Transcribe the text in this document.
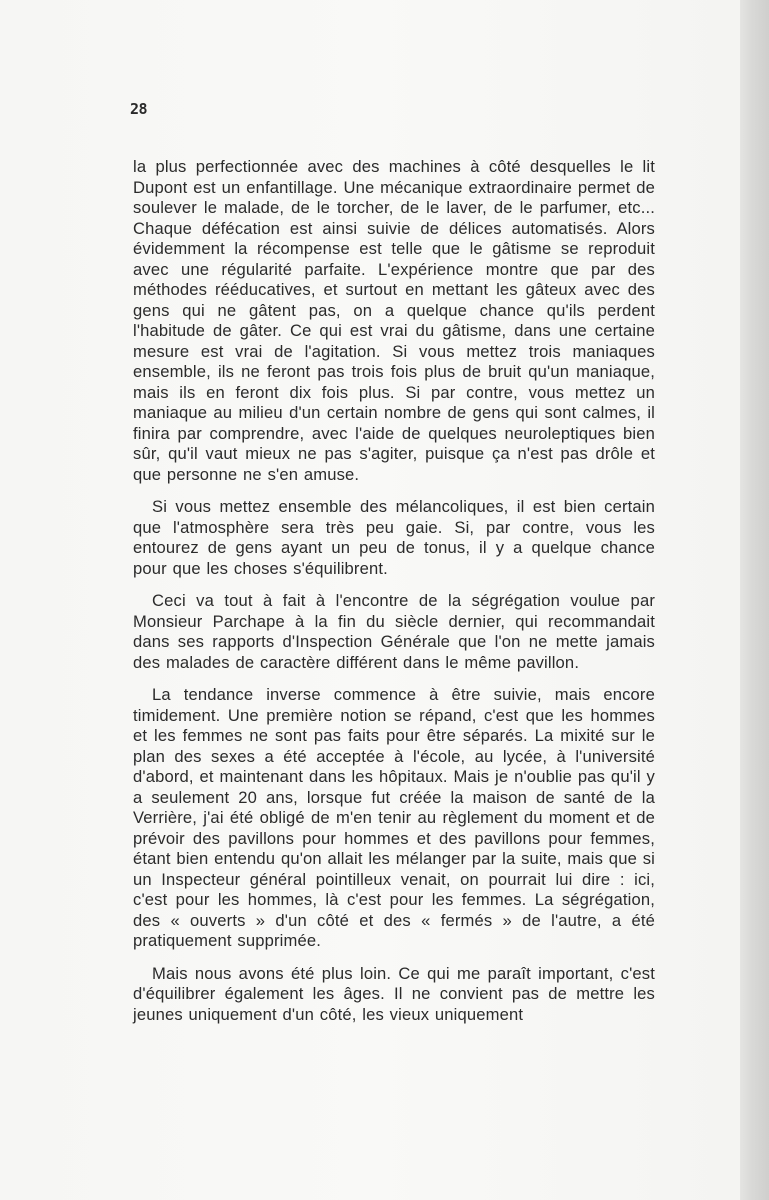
28

la plus perfectionnée avec des machines à côté desquelles le lit Dupont est un enfantillage. Une mécanique extraordinaire permet de soulever le malade, de le torcher, de le laver, de le parfumer, etc... Chaque défécation est ainsi suivie de délices automatisés. Alors évidemment la récompense est telle que le gâtisme se reproduit avec une régularité parfaite. L'expérience montre que par des méthodes rééducatives, et surtout en mettant les gâteux avec des gens qui ne gâtent pas, on a quelque chance qu'ils perdent l'habitude de gâter. Ce qui est vrai du gâtisme, dans une certaine mesure est vrai de l'agitation. Si vous mettez trois maniaques ensemble, ils ne feront pas trois fois plus de bruit qu'un maniaque, mais ils en feront dix fois plus. Si par contre, vous mettez un maniaque au milieu d'un certain nombre de gens qui sont calmes, il finira par comprendre, avec l'aide de quelques neuroleptiques bien sûr, qu'il vaut mieux ne pas s'agiter, puisque ça n'est pas drôle et que personne ne s'en amuse.

Si vous mettez ensemble des mélancoliques, il est bien certain que l'atmosphère sera très peu gaie. Si, par contre, vous les entourez de gens ayant un peu de tonus, il y a quelque chance pour que les choses s'équilibrent.

Ceci va tout à fait à l'encontre de la ségrégation voulue par Monsieur Parchape à la fin du siècle dernier, qui recommandait dans ses rapports d'Inspection Générale que l'on ne mette jamais des malades de caractère différent dans le même pavillon.

La tendance inverse commence à être suivie, mais encore timidement. Une première notion se répand, c'est que les hommes et les femmes ne sont pas faits pour être séparés. La mixité sur le plan des sexes a été acceptée à l'école, au lycée, à l'université d'abord, et maintenant dans les hôpitaux. Mais je n'oublie pas qu'il y a seulement 20 ans, lorsque fut créée la maison de santé de la Verrière, j'ai été obligé de m'en tenir au règlement du moment et de prévoir des pavillons pour hommes et des pavillons pour femmes, étant bien entendu qu'on allait les mélanger par la suite, mais que si un Inspecteur général pointilleux venait, on pourrait lui dire : ici, c'est pour les hommes, là c'est pour les femmes. La ségrégation, des « ouverts » d'un côté et des « fermés » de l'autre, a été pratiquement supprimée.

Mais nous avons été plus loin. Ce qui me paraît important, c'est d'équilibrer également les âges. Il ne convient pas de mettre les jeunes uniquement d'un côté, les vieux uniquement
